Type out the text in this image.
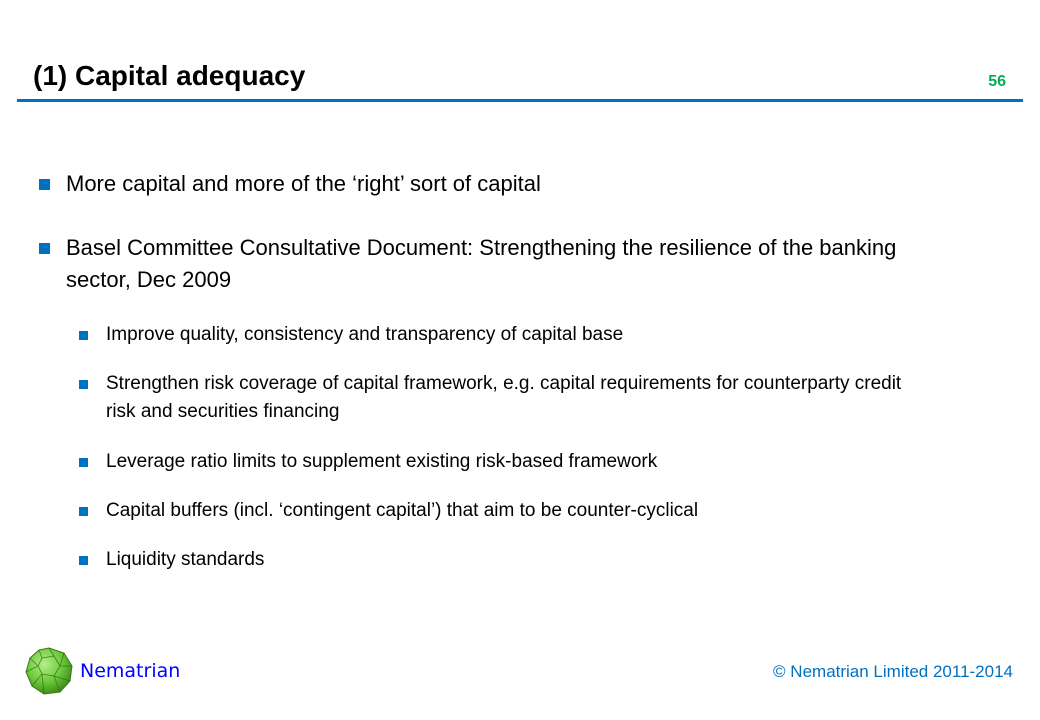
(1) Capital adequacy	56
More capital and more of the ‘right’ sort of capital
Basel Committee Consultative Document: Strengthening the resilience of the banking sector, Dec 2009
Improve quality, consistency and transparency of capital base
Strengthen risk coverage of capital framework, e.g. capital requirements for counterparty credit risk and securities financing
Leverage ratio limits to supplement existing risk-based framework
Capital buffers (incl. ‘contingent capital’) that aim to be counter-cyclical
Liquidity standards
Nematrian	© Nematrian Limited 2011-2014
